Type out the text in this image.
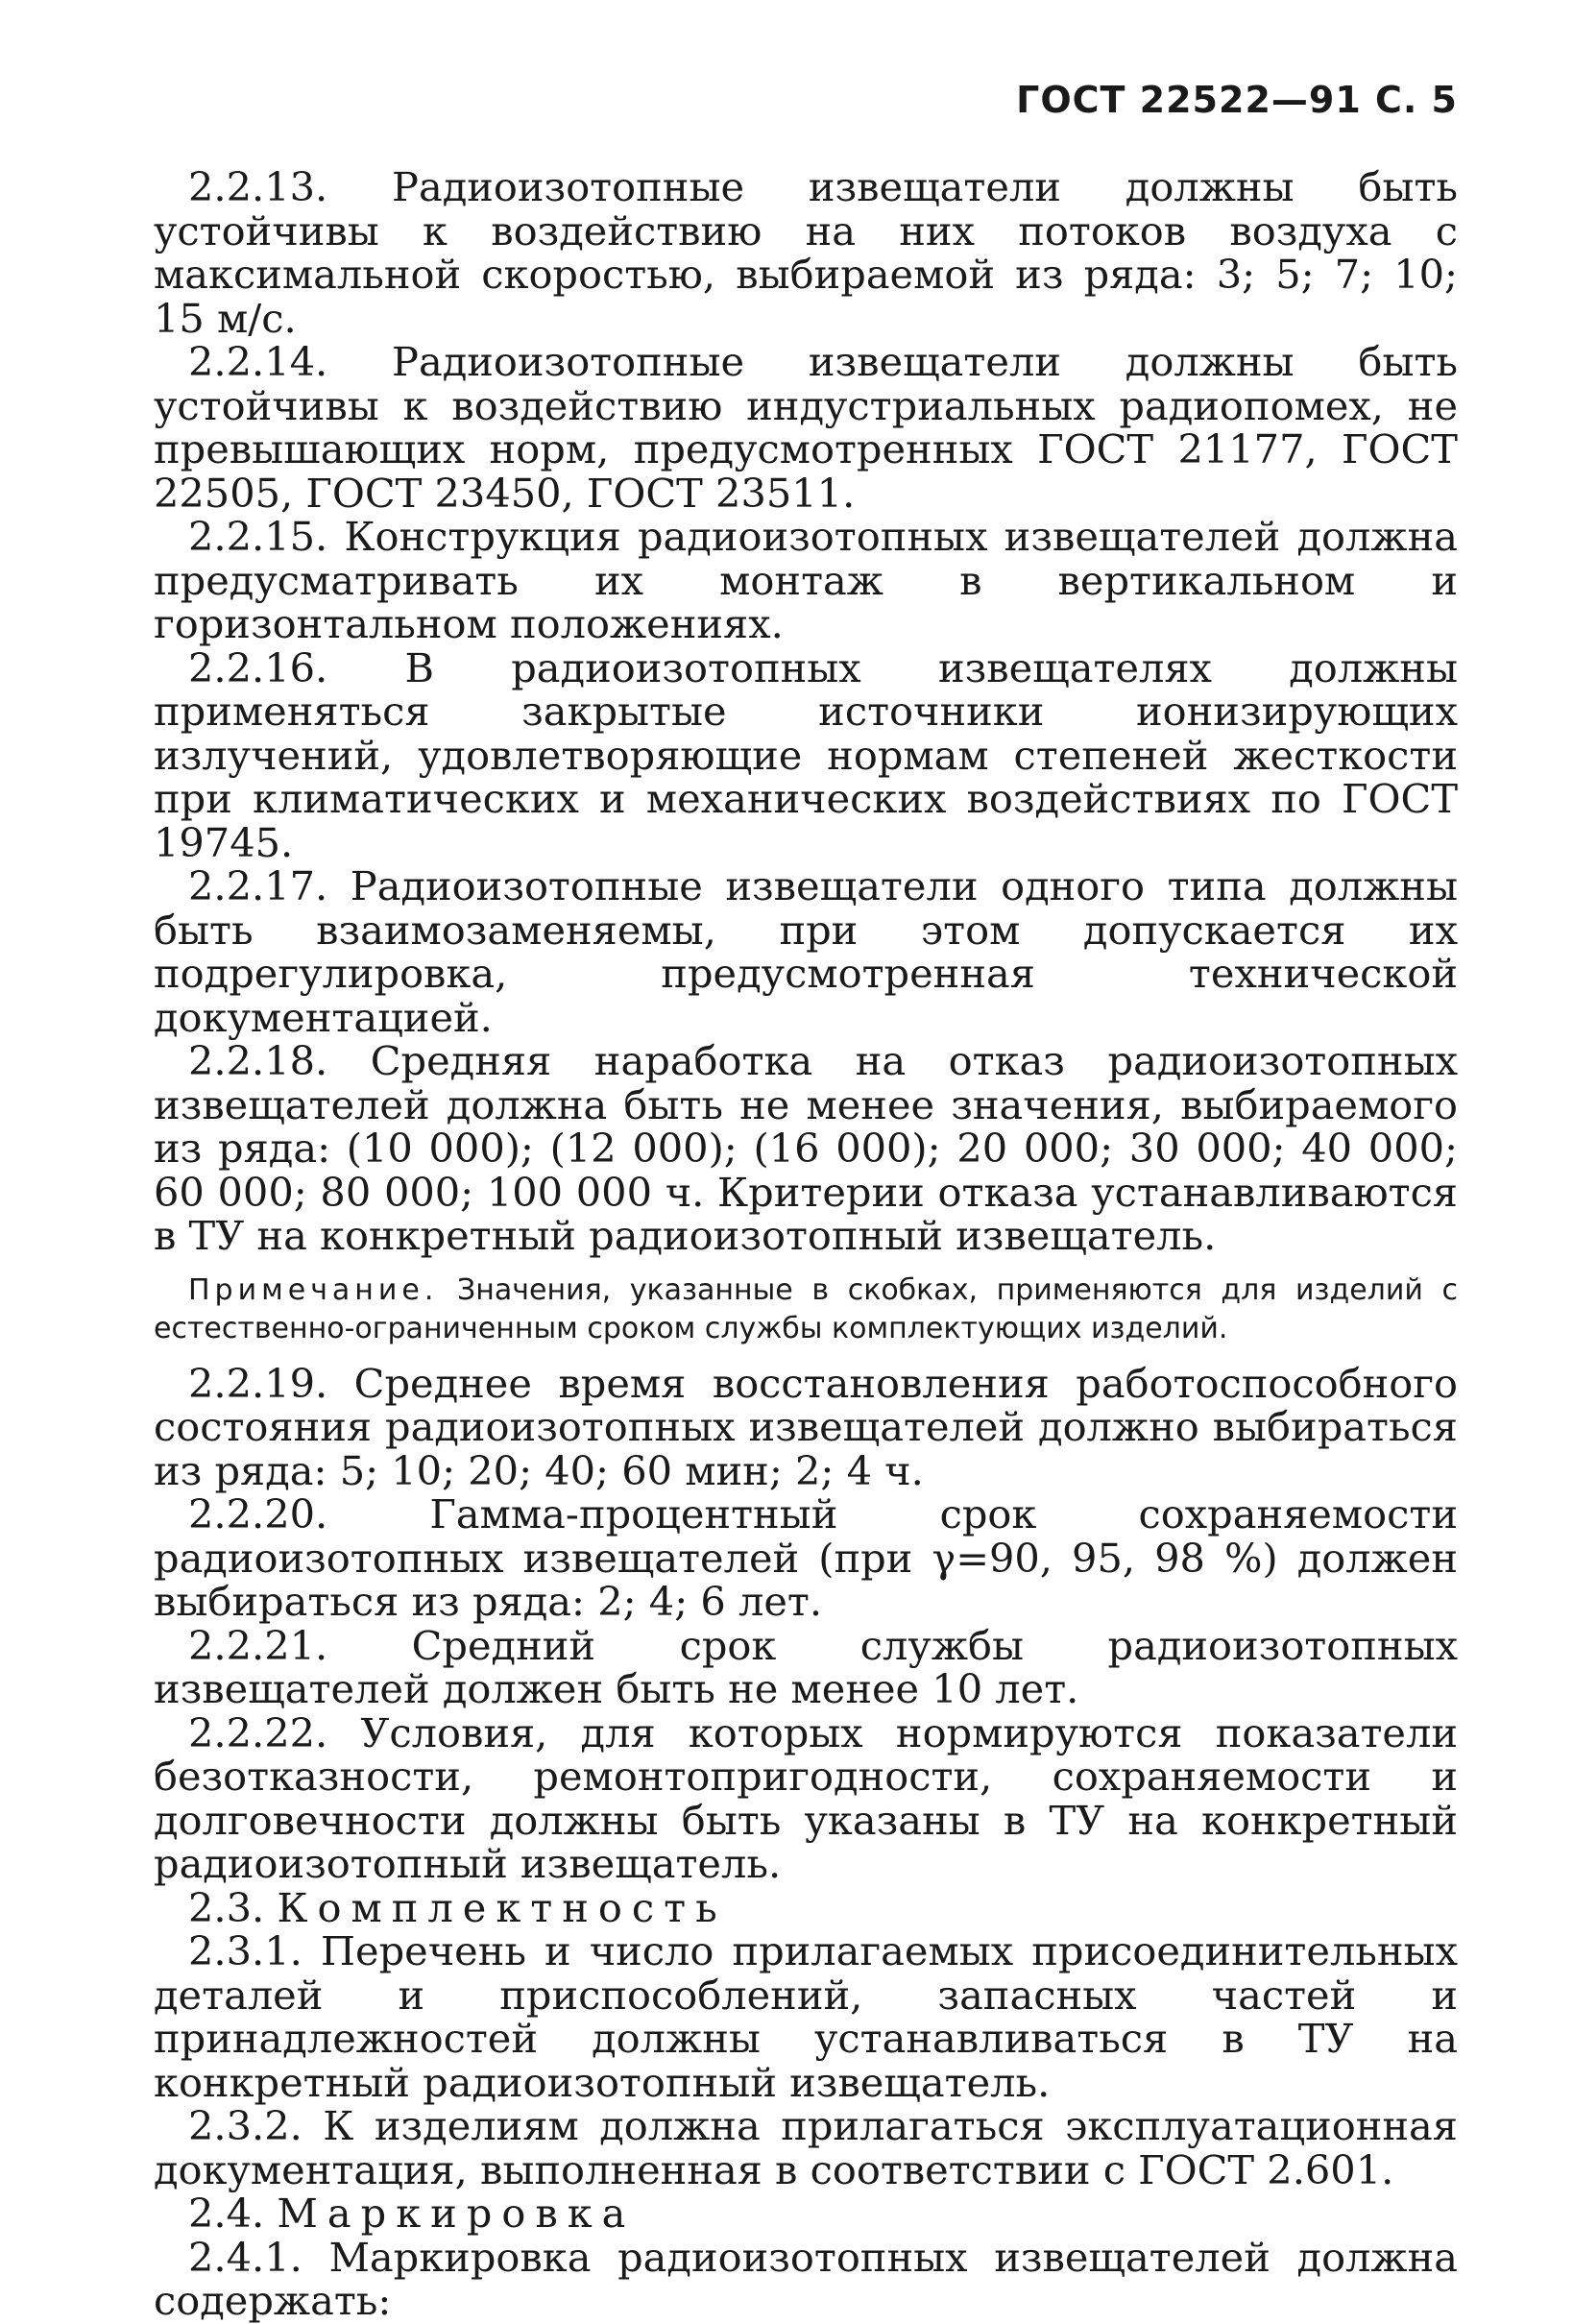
ГОСТ 22522—91 С. 5

2.2.13. Радиоизотопные извещатели должны быть устойчивы к воздействию на них потоков воздуха с максимальной скоростью, выбираемой из ряда: 3; 5; 7; 10; 15 м/с.

2.2.14. Радиоизотопные извещатели должны быть устойчивы к воздействию индустриальных радиопомех, не превышающих норм, предусмотренных ГОСТ 21177, ГОСТ 22505, ГОСТ 23450, ГОСТ 23511.

2.2.15. Конструкция радиоизотопных извещателей должна предусматривать их монтаж в вертикальном и горизонтальном положениях.

2.2.16. В радиоизотопных извещателях должны применяться закрытые источники ионизирующих излучений, удовлетворяющие нормам степеней жесткости при климатических и механических воздействиях по ГОСТ 19745.

2.2.17. Радиоизотопные извещатели одного типа должны быть взаимозаменяемы, при этом допускается их подрегулировка, предусмотренная технической документацией.

2.2.18. Средняя наработка на отказ радиоизотопных извещателей должна быть не менее значения, выбираемого из ряда: (10 000); (12 000); (16 000); 20 000; 30 000; 40 000; 60 000; 80 000; 100 000 ч. Критерии отказа устанавливаются в ТУ на конкретный радиоизотопный извещатель.

Примечание. Значения, указанные в скобках, применяются для изделий с естественно-ограниченным сроком службы комплектующих изделий.

2.2.19. Среднее время восстановления работоспособного состояния радиоизотопных извещателей должно выбираться из ряда: 5; 10; 20; 40; 60 мин; 2; 4 ч.

2.2.20. Гамма-процентный срок сохраняемости радиоизотопных извещателей (при γ=90, 95, 98 %) должен выбираться из ряда: 2; 4; 6 лет.

2.2.21. Средний срок службы радиоизотопных извещателей должен быть не менее 10 лет.

2.2.22. Условия, для которых нормируются показатели безотказности, ремонтопригодности, сохраняемости и долговечности должны быть указаны в ТУ на конкретный радиоизотопный извещатель.

2.3. Комплектность

2.3.1. Перечень и число прилагаемых присоединительных деталей и приспособлений, запасных частей и принадлежностей должны устанавливаться в ТУ на конкретный радиоизотопный извещатель.

2.3.2. К изделиям должна прилагаться эксплуатационная документация, выполненная в соответствии с ГОСТ 2.601.

2.4. Маркировка

2.4.1. Маркировка радиоизотопных извещателей должна содержать:
